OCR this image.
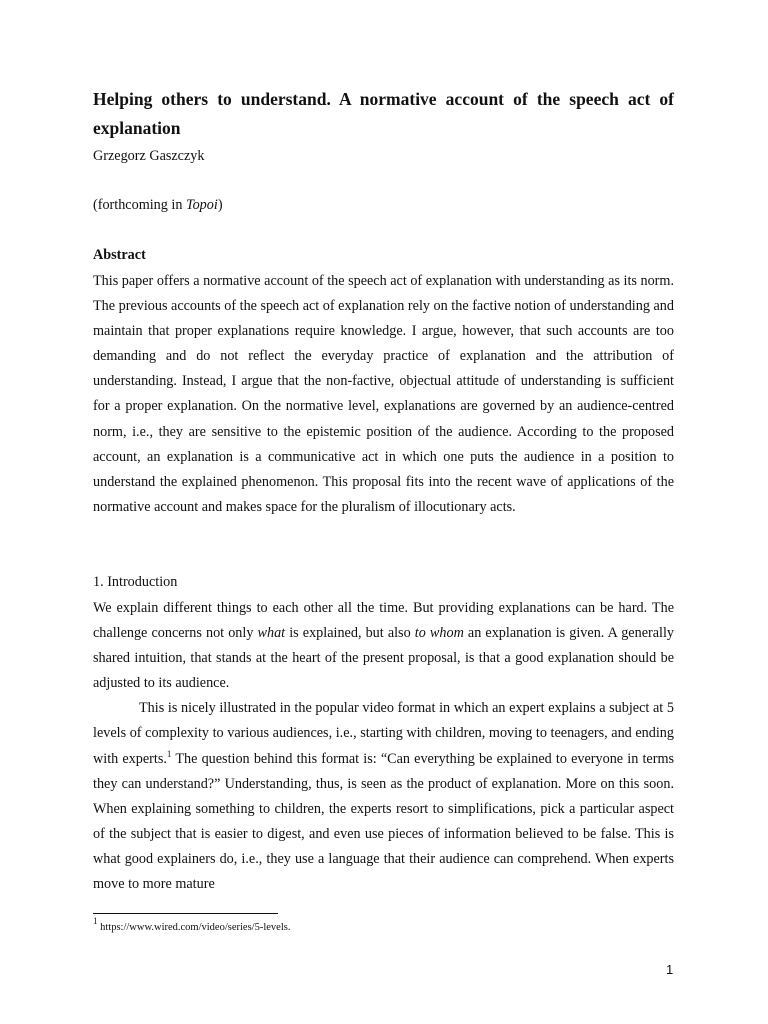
Helping others to understand. A normative account of the speech act of explanation

Grzegorz Gaszczyk

(forthcoming in Topoi)

Abstract

This paper offers a normative account of the speech act of explanation with understanding as its norm. The previous accounts of the speech act of explanation rely on the factive notion of understanding and maintain that proper explanations require knowledge. I argue, however, that such accounts are too demanding and do not reflect the everyday practice of explanation and the attribution of understanding. Instead, I argue that the non-factive, objectual attitude of understanding is sufficient for a proper explanation. On the normative level, explanations are governed by an audience-centred norm, i.e., they are sensitive to the epistemic position of the audience. According to the proposed account, an explanation is a communicative act in which one puts the audience in a position to understand the explained phenomenon. This proposal fits into the recent wave of applications of the normative account and makes space for the pluralism of illocutionary acts.

1. Introduction

We explain different things to each other all the time. But providing explanations can be hard. The challenge concerns not only what is explained, but also to whom an explanation is given. A generally shared intuition, that stands at the heart of the present proposal, is that a good explanation should be adjusted to its audience.

This is nicely illustrated in the popular video format in which an expert explains a subject at 5 levels of complexity to various audiences, i.e., starting with children, moving to teenagers, and ending with experts.$^1$ The question behind this format is: “Can everything be explained to everyone in terms they can understand?” Understanding, thus, is seen as the product of explanation. More on this soon. When explaining something to children, the experts resort to simplifications, pick a particular aspect of the subject that is easier to digest, and even use pieces of information believed to be false. This is what good explainers do, i.e., they use a language that their audience can comprehend. When experts move to more mature

$^1$ https://www.wired.com/video/series/5-levels.

1
